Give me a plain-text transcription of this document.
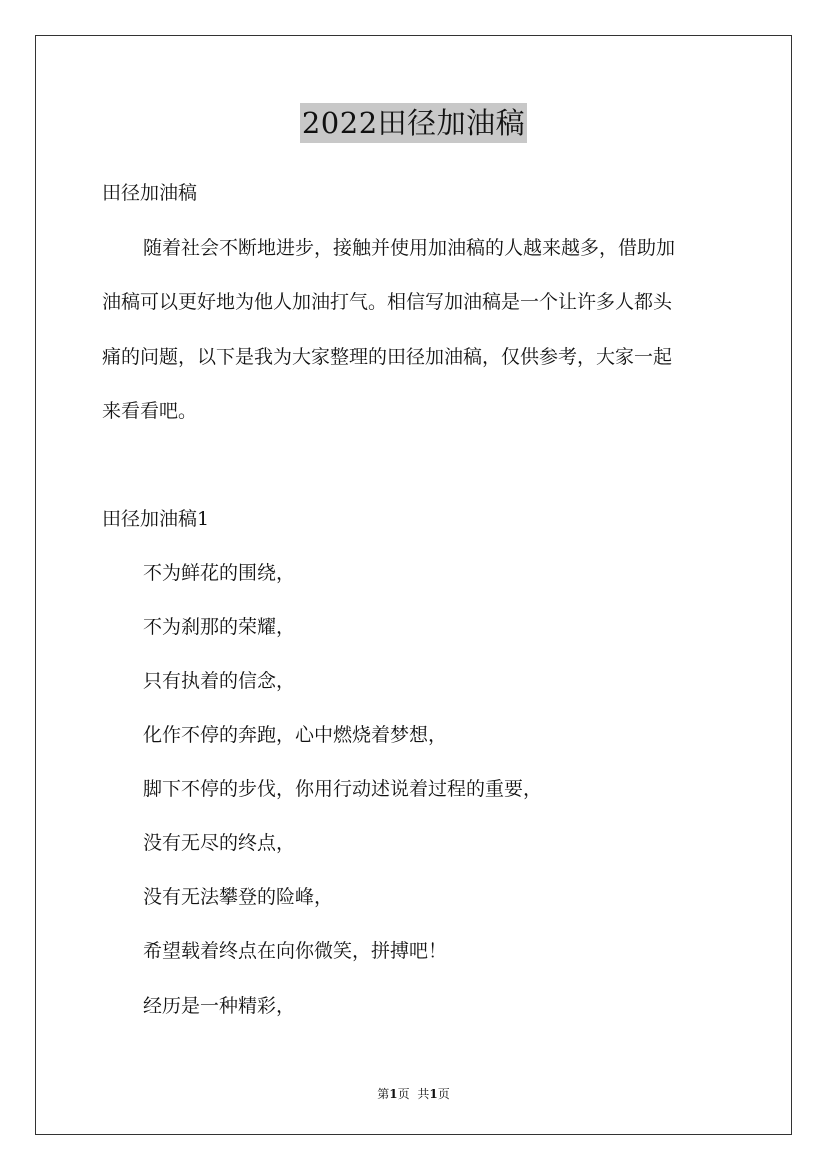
2022田径加油稿
田径加油稿
随着社会不断地进步，接触并使用加油稿的人越来越多，借助加
油稿可以更好地为他人加油打气。相信写加油稿是一个让许多人都头
痛的问题，以下是我为大家整理的田径加油稿，仅供参考，大家一起
来看看吧。
田径加油稿1
不为鲜花的围绕，
不为刹那的荣耀，
只有执着的信念，
化作不停的奔跑，心中燃烧着梦想，
脚下不停的步伐，你用行动述说着过程的重要，
没有无尽的终点，
没有无法攀登的险峰，
希望载着终点在向你微笑，拼搏吧！
经历是一种精彩，
第1页 共1页
